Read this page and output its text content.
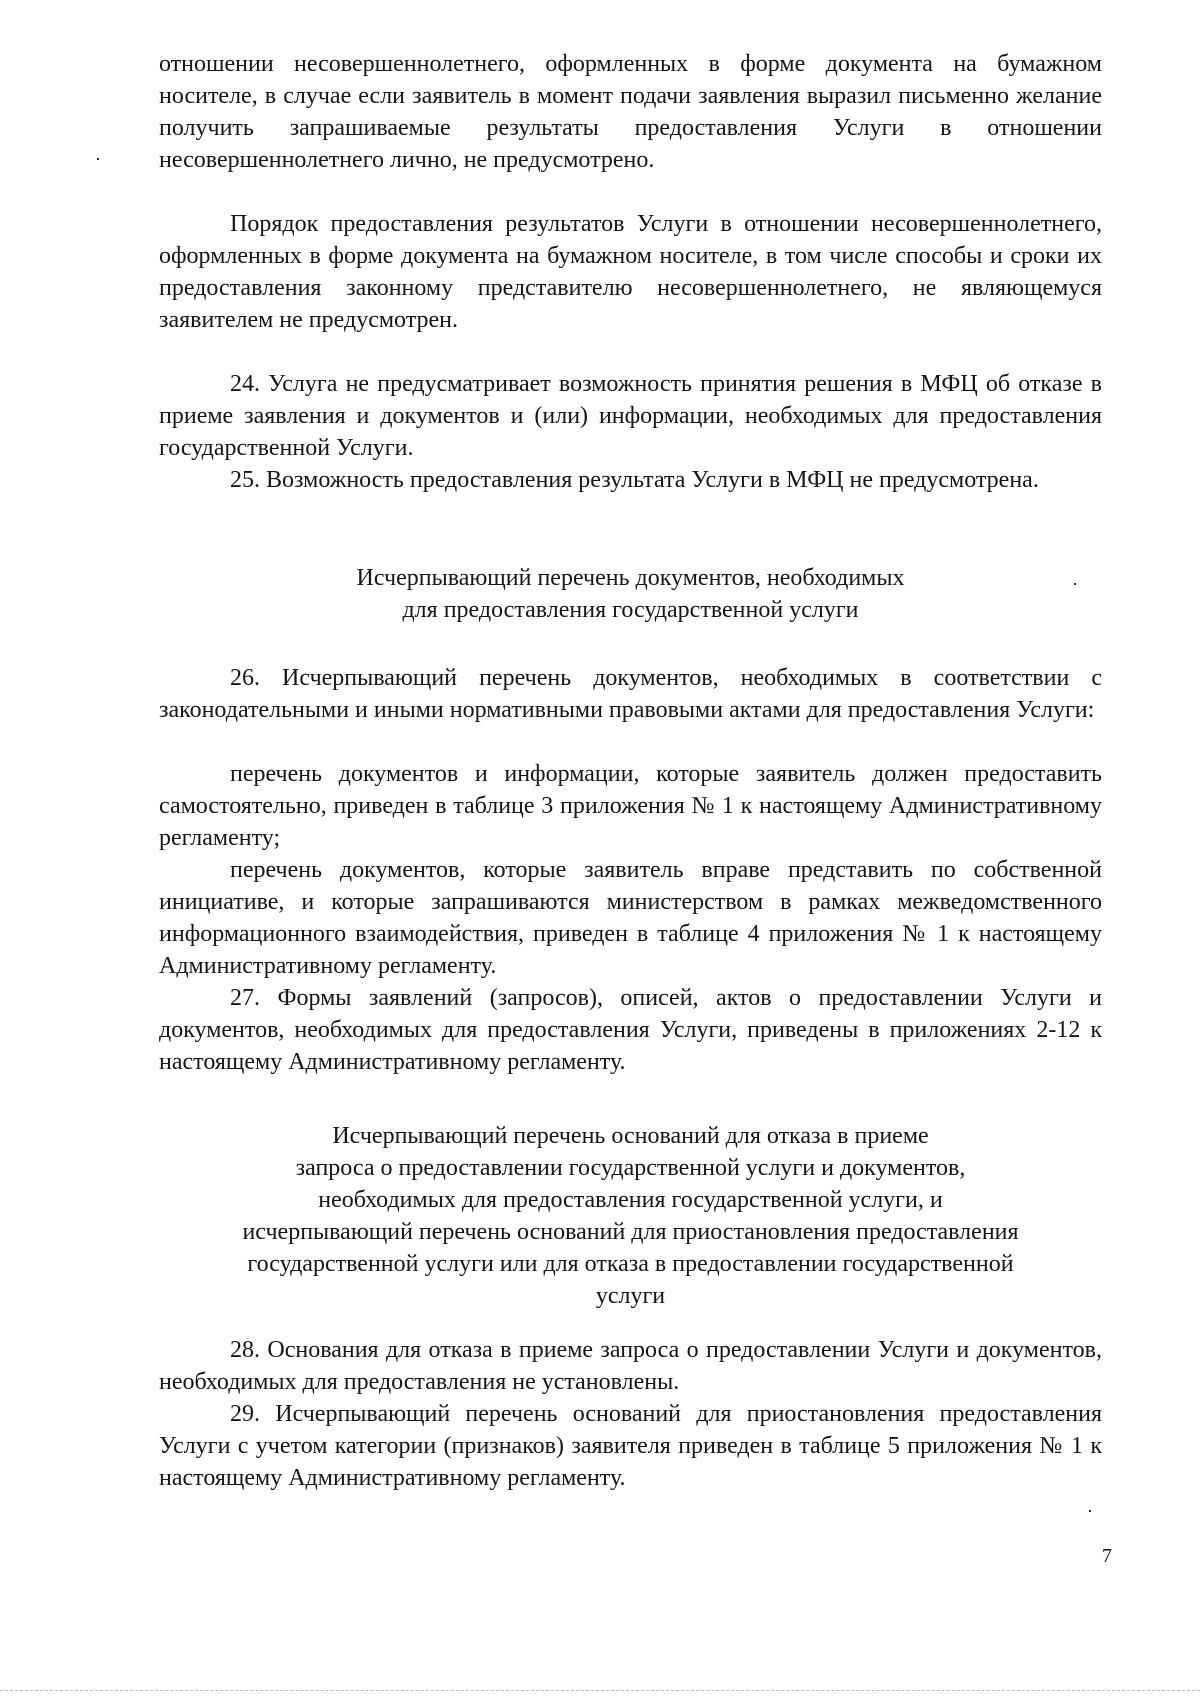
отношении несовершеннолетнего, оформленных в форме документа на бумажном носителе, в случае если заявитель в момент подачи заявления выразил письменно желание получить запрашиваемые результаты предоставления Услуги в отношении несовершеннолетнего лично, не предусмотрено.

Порядок предоставления результатов Услуги в отношении несовершеннолетнего, оформленных в форме документа на бумажном носителе, в том числе способы и сроки их предоставления законному представителю несовершеннолетнего, не являющемуся заявителем не предусмотрен.

24. Услуга не предусматривает возможность принятия решения в МФЦ об отказе в приеме заявления и документов и (или) информации, необходимых для предоставления государственной Услуги.

25. Возможность предоставления результата Услуги в МФЦ не предусмотрена.

Исчерпывающий перечень документов, необходимых
для предоставления государственной услуги

26. Исчерпывающий перечень документов, необходимых в соответствии с законодательными и иными нормативными правовыми актами для предоставления Услуги:

перечень документов и информации, которые заявитель должен предоставить самостоятельно, приведен в таблице 3 приложения № 1 к настоящему Административному регламенту;

перечень документов, которые заявитель вправе представить по собственной инициативе, и которые запрашиваются министерством в рамках межведомственного информационного взаимодействия, приведен в таблице 4 приложения № 1 к настоящему Административному регламенту.

27. Формы заявлений (запросов), описей, актов о предоставлении Услуги и документов, необходимых для предоставления Услуги, приведены в приложениях 2-12 к настоящему Административному регламенту.

Исчерпывающий перечень оснований для отказа в приеме
запроса о предоставлении государственной услуги и документов,
необходимых для предоставления государственной услуги, и
исчерпывающий перечень оснований для приостановления предоставления
государственной услуги или для отказа в предоставлении государственной
услуги

28. Основания для отказа в приеме запроса о предоставлении Услуги и документов, необходимых для предоставления не установлены.

29. Исчерпывающий перечень оснований для приостановления предоставления Услуги с учетом категории (признаков) заявителя приведен в таблице 5 приложения № 1 к настоящему Административному регламенту.

7
